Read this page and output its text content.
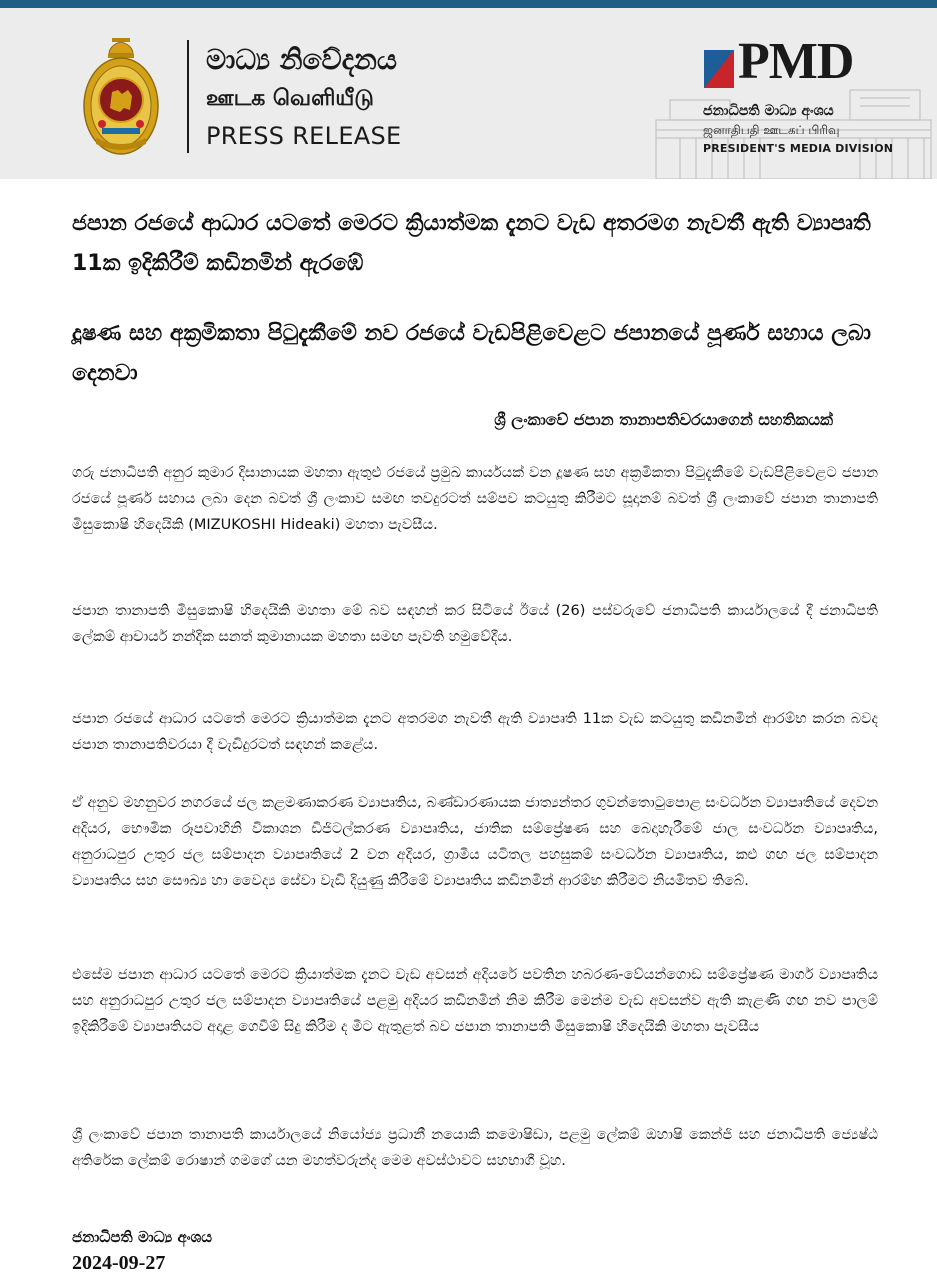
මාධ්‍ය නිවේදනය
ஊடக வெளியீடு
PRESS RELEASE
PMD
ජනාධිපති මාධ්‍ය අංශය
ஜனாதிபதி ஊடகப் பிரிவு
PRESIDENT'S MEDIA DIVISION
ජපාන රජයේ ආධාර යටතේ මෙරට ක්‍රියාත්මක දැනට වැඩ අතරමග නැවතී ඇති ව්‍යාපෘති 11ක ඉදිකිරීම් කඩිනමින් ඇරඹේ
දූෂණ සහ අක්‍රමිකතා පිටුදැකීමේ නව රජයේ වැඩපිළිවෙළට ජපානයේ පූර්ණ සහාය ලබා දෙනවා
ශ්‍රී ලංකාවේ ජපාන තානාපතිවරයාගෙන් සහතිකයක්
ගරු ජනාධිපති අනුර කුමාර දිසානායක මහතා ඇතුළු රජයේ ප්‍රමුඛ කාර්යයක් වන දූෂණ සහ අක්‍රමිකතා පිටුදැකීමේ වැඩපිළිවෙළට ජපාන රජයේ පූර්ණ සහාය ලබා දෙන බවත් ශ්‍රී ලංකාව සමඟ තවදුරටත් සම්පව කටයුතු කිරීමට සූදානම් බවත් ශ්‍රී ලංකාවේ ජපාන තානාපති මිසුකොෂි හිදෙයිකි (MIZUKOSHI Hideaki) මහතා පැවසීය.
ජපාන තානාපති මිසුකොෂි හිදෙයිකි මහතා මේ බව සඳහන් කර සිටියේ ඊයේ (26) පස්වරුවේ ජනාධිපති කාර්යාලයේ දී ජනාධිපති ලේකම් ආචාර්ය නන්දික සනත් කුමානායක මහතා සමඟ පැවති හමුවේදීය.
ජපාන රජයේ ආධාර යටතේ මෙරට ක්‍රියාත්මක දැනට අතරමග නැවතී ඇති ව්‍යාපෘති 11ක වැඩ කටයුතු කඩිනමින් ආරම්භ කරන බවද ජපාන තානාපතිවරයා දී වැඩිදුරටත් සඳහන් කළේය.
ඒ අනුව මහනුවර නගරයේ ජල කළමණාකරණ ව්‍යාපෘතිය, බණ්ඩාරණායක ජාත්‍යන්තර ගුවන්තොටුපොළ සංවර්ධන ව්‍යාපෘතියේ දෙවන අදියර, භෞමික රූපවාහිනි විකාශන ඩිජිටල්කරණ ව්‍යාපෘතිය, ජාතික සම්ප්‍රේෂණ සහ බෙදාහැරීමේ ජාල සංවර්ධන ව්‍යාපෘතිය, අනුරාධපුර උතුර ජල සම්පාදන ව්‍යාපෘතියේ 2 වන අදියර, ග්‍රාමීය යටිතල පහසුකම් සංවර්ධන ව්‍යාපෘතිය, කළු ගඟ ජල සම්පාදන ව්‍යාපෘතිය සහ සෞඛ්‍ය හා වෛද්‍ය සේවා වැඩි දියුණු කිරීමේ ව්‍යාපෘතිය කඩිනමින් ආරම්භ කිරීමට නියමිතව තිබේ.
එසේම ජපාන ආධාර යටතේ මෙරට ක්‍රියාත්මක දැනට වැඩ අවසන් අදියරේ පවතින හබරණ-වේයන්ගොඩ සම්ප්‍රේෂණ මාර්ග ව්‍යාපෘතිය සහ අනුරාධපුර උතුර ජල සම්පාදන ව්‍යාපෘතියේ පළමු අදියර කඩිනමින් නිම කිරීම මෙන්ම වැඩ අවසන්ව ඇති කැළණි ගඟ නව පාලම් ඉදිකිරීමේ ව්‍යාපෘතියට අදාළ ගෙවීම් සිදු කිරීම ද මීට ඇතුළත් බව ජපාන තානාපති මිසුකොෂි හිදෙයිකි මහතා පැවසීය
ශ්‍රී ලංකාවේ ජපාන තානාපති කාර්යාලයේ නියෝජ්‍ය ප්‍රධානී නයොකි කමොෂිඩා, පළමු ලේකම් ඔහාෂි කෙන්ජි සහ ජනාධිපති ජ්‍යෙෂ්ඨ අතිරේක ලේකම් රොෂාන් ගමගේ යන මහත්වරුන්ද මෙම අවස්ථාවට සහභාගී වූහ.
ජනාධිපති මාධ්‍ය අංශය
2024-09-27
